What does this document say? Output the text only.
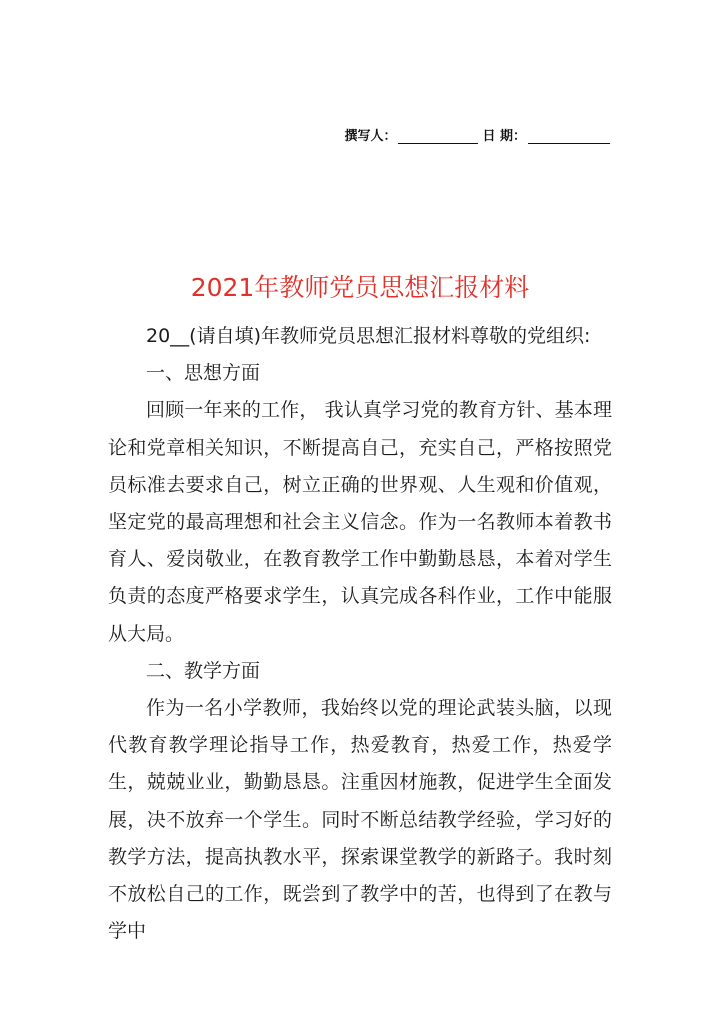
撰写人：	日 期：
2021年教师党员思想汇报材料

20__(请自填)年教师党员思想汇报材料尊敬的党组织:

一、思想方面

回顾一年来的工作， 我认真学习党的教育方针、基本理论和党章相关知识，不断提高自己，充实自己，严格按照党员标准去要求自己，树立正确的世界观、人生观和价值观，坚定党的最高理想和社会主义信念。作为一名教师本着教书育人、爱岗敬业，在教育教学工作中勤勤恳恳，本着对学生负责的态度严格要求学生，认真完成各科作业，工作中能服从大局。

二、教学方面

作为一名小学教师，我始终以党的理论武装头脑，以现代教育教学理论指导工作，热爱教育，热爱工作，热爱学生，兢兢业业，勤勤恳恳。注重因材施教，促进学生全面发展，决不放弃一个学生。同时不断总结教学经验，学习好的教学方法，提高执教水平，探索课堂教学的新路子。我时刻不放松自己的工作，既尝到了教学中的苦，也得到了在教与学中
